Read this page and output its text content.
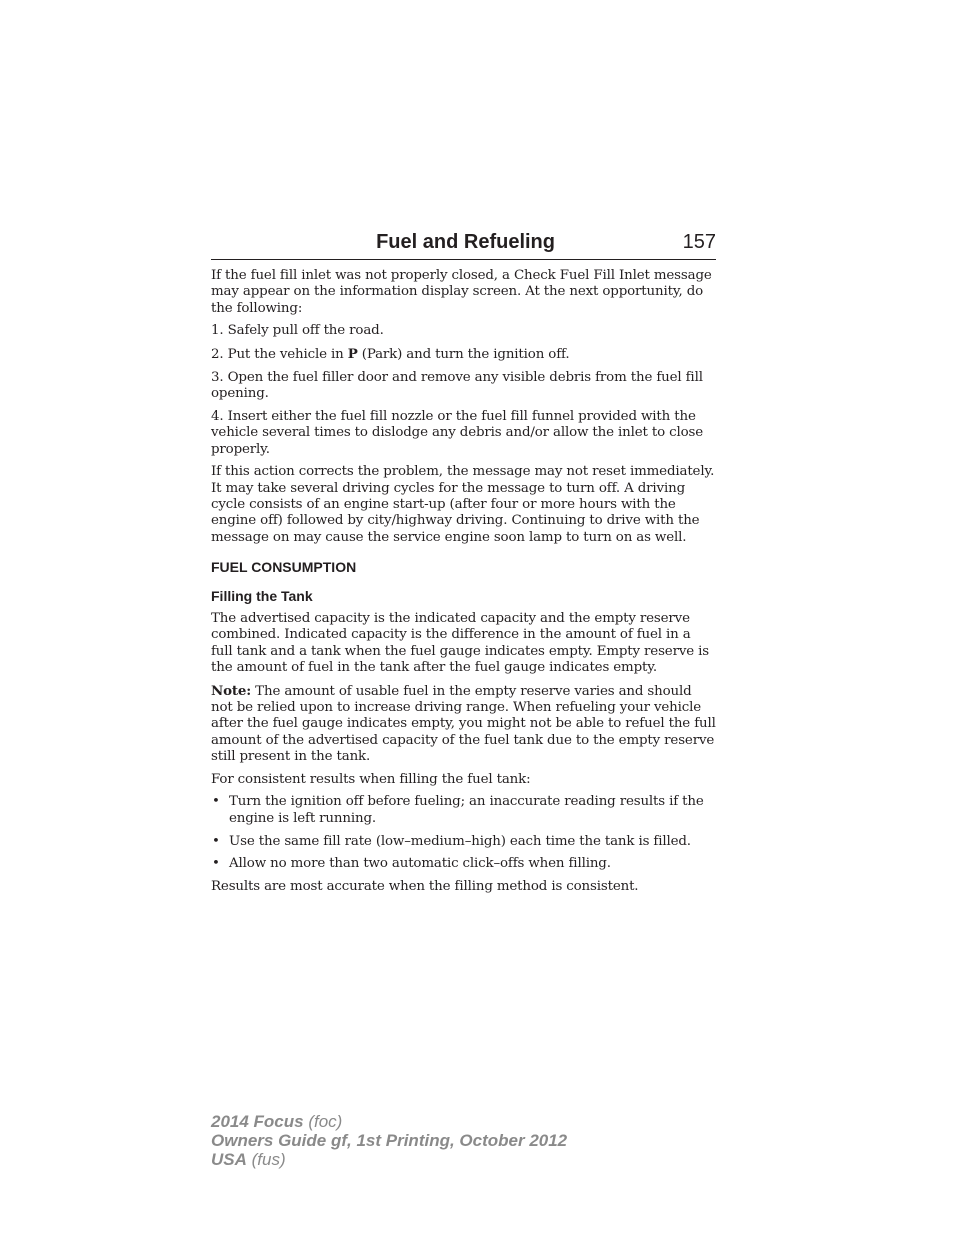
Fuel and Refueling	157

If the fuel fill inlet was not properly closed, a Check Fuel Fill Inlet message may appear on the information display screen. At the next opportunity, do the following:

1. Safely pull off the road.
2. Put the vehicle in P (Park) and turn the ignition off.
3. Open the fuel filler door and remove any visible debris from the fuel fill opening.
4. Insert either the fuel fill nozzle or the fuel fill funnel provided with the vehicle several times to dislodge any debris and/or allow the inlet to close properly.

If this action corrects the problem, the message may not reset immediately. It may take several driving cycles for the message to turn off. A driving cycle consists of an engine start-up (after four or more hours with the engine off) followed by city/highway driving. Continuing to drive with the message on may cause the service engine soon lamp to turn on as well.

FUEL CONSUMPTION
Filling the Tank

The advertised capacity is the indicated capacity and the empty reserve combined. Indicated capacity is the difference in the amount of fuel in a full tank and a tank when the fuel gauge indicates empty. Empty reserve is the amount of fuel in the tank after the fuel gauge indicates empty.

Note: The amount of usable fuel in the empty reserve varies and should not be relied upon to increase driving range. When refueling your vehicle after the fuel gauge indicates empty, you might not be able to refuel the full amount of the advertised capacity of the fuel tank due to the empty reserve still present in the tank.

For consistent results when filling the fuel tank:

• Turn the ignition off before fueling; an inaccurate reading results if the engine is left running.
• Use the same fill rate (low–medium–high) each time the tank is filled.
• Allow no more than two automatic click–offs when filling.

Results are most accurate when the filling method is consistent.

2014 Focus (foc)
Owners Guide gf, 1st Printing, October 2012
USA (fus)
